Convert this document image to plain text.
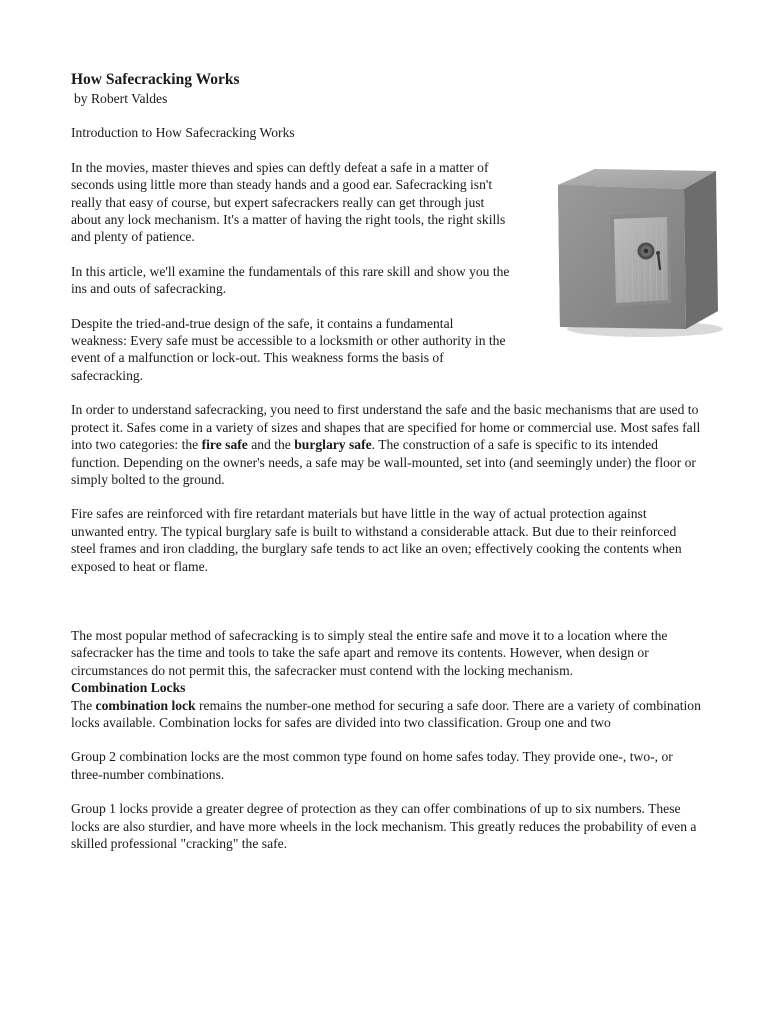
How Safecracking Works

by Robert Valdes

Introduction to How Safecracking Works

In the movies, master thieves and spies can deftly defeat a safe in a matter of seconds using little more than steady hands and a good ear. Safecracking isn't really that easy of course, but expert safecrackers really can get through just about any lock mechanism. It's a matter of having the right tools, the right skills and plenty of patience.

In this article, we'll examine the fundamentals of this rare skill and show you the ins and outs of safecracking.

Despite the tried-and-true design of the safe, it contains a fundamental weakness: Every safe must be accessible to a locksmith or other authority in the event of a malfunction or lock-out. This weakness forms the basis of safecracking.

In order to understand safecracking, you need to first understand the safe and the basic mechanisms that are used to protect it. Safes come in a variety of sizes and shapes that are specified for home or commercial use. Most safes fall into two categories: the fire safe and the burglary safe. The construction of a safe is specific to its intended function. Depending on the owner's needs, a safe may be wall-mounted, set into (and seemingly under) the floor or simply bolted to the ground.

Fire safes are reinforced with fire retardant materials but have little in the way of actual protection against unwanted entry. The typical burglary safe is built to withstand a considerable attack. But due to their reinforced steel frames and iron cladding, the burglary safe tends to act like an oven; effectively cooking the contents when exposed to heat or flame.

The most popular method of safecracking is to simply steal the entire safe and move it to a location where the safecracker has the time and tools to take the safe apart and remove its contents. However, when design or circumstances do not permit this, the safecracker must contend with the locking mechanism.

Combination Locks

The combination lock remains the number-one method for securing a safe door. There are a variety of combination locks available. Combination locks for safes are divided into two classification. Group one and two

Group 2 combination locks are the most common type found on home safes today. They provide one-, two-, or three-number combinations.

Group 1 locks provide a greater degree of protection as they can offer combinations of up to six numbers. These locks are also sturdier, and have more wheels in the lock mechanism. This greatly reduces the probability of even a skilled professional "cracking" the safe.
